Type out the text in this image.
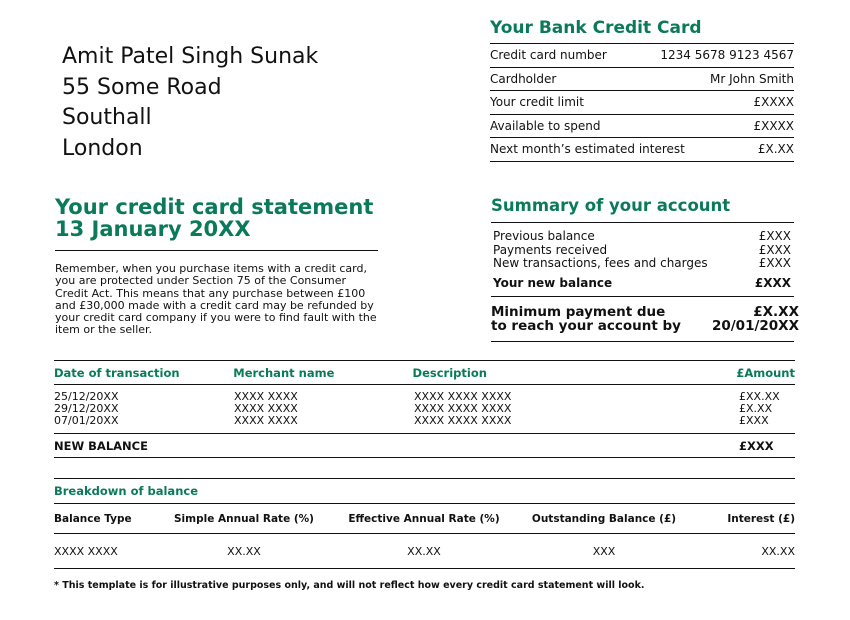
Amit Patel Singh Sunak
55 Some Road
Southall
London
Your Bank Credit Card
Credit card number	1234 5678 9123 4567
Cardholder	Mr John Smith
Your credit limit	£XXXX
Available to spend	£XXXX
Next month’s estimated interest	£X.XX
Your credit card statement
13 January 20XX
Remember, when you purchase items with a credit card, you are protected under Section 75 of the Consumer Credit Act. This means that any purchase between £100 and £30,000 made with a credit card may be refunded by your credit card company if you were to find fault with the item or the seller.
Summary of your account
Previous balance	£XXX
Payments received	£XXX
New transactions, fees and charges	£XXX
Your new balance	£XXX
Minimum payment due	£X.XX
to reach your account by 20/01/20XX
Date of transaction	Merchant name	Description	£Amount
25/12/20XX	XXXX XXXX	XXXX XXXX XXXX	£XX.XX
29/12/20XX	XXXX XXXX	XXXX XXXX XXXX	£X.XX
07/01/20XX	XXXX XXXX	XXXX XXXX XXXX	£XXX
NEW BALANCE	£XXX
Breakdown of balance
Balance Type	Simple Annual Rate (%)	Effective Annual Rate (%)	Outstanding Balance (£)	Interest (£)
XXXX XXXX	XX.XX	XX.XX	XXX	XX.XX
* This template is for illustrative purposes only, and will not reflect how every credit card statement will look.
